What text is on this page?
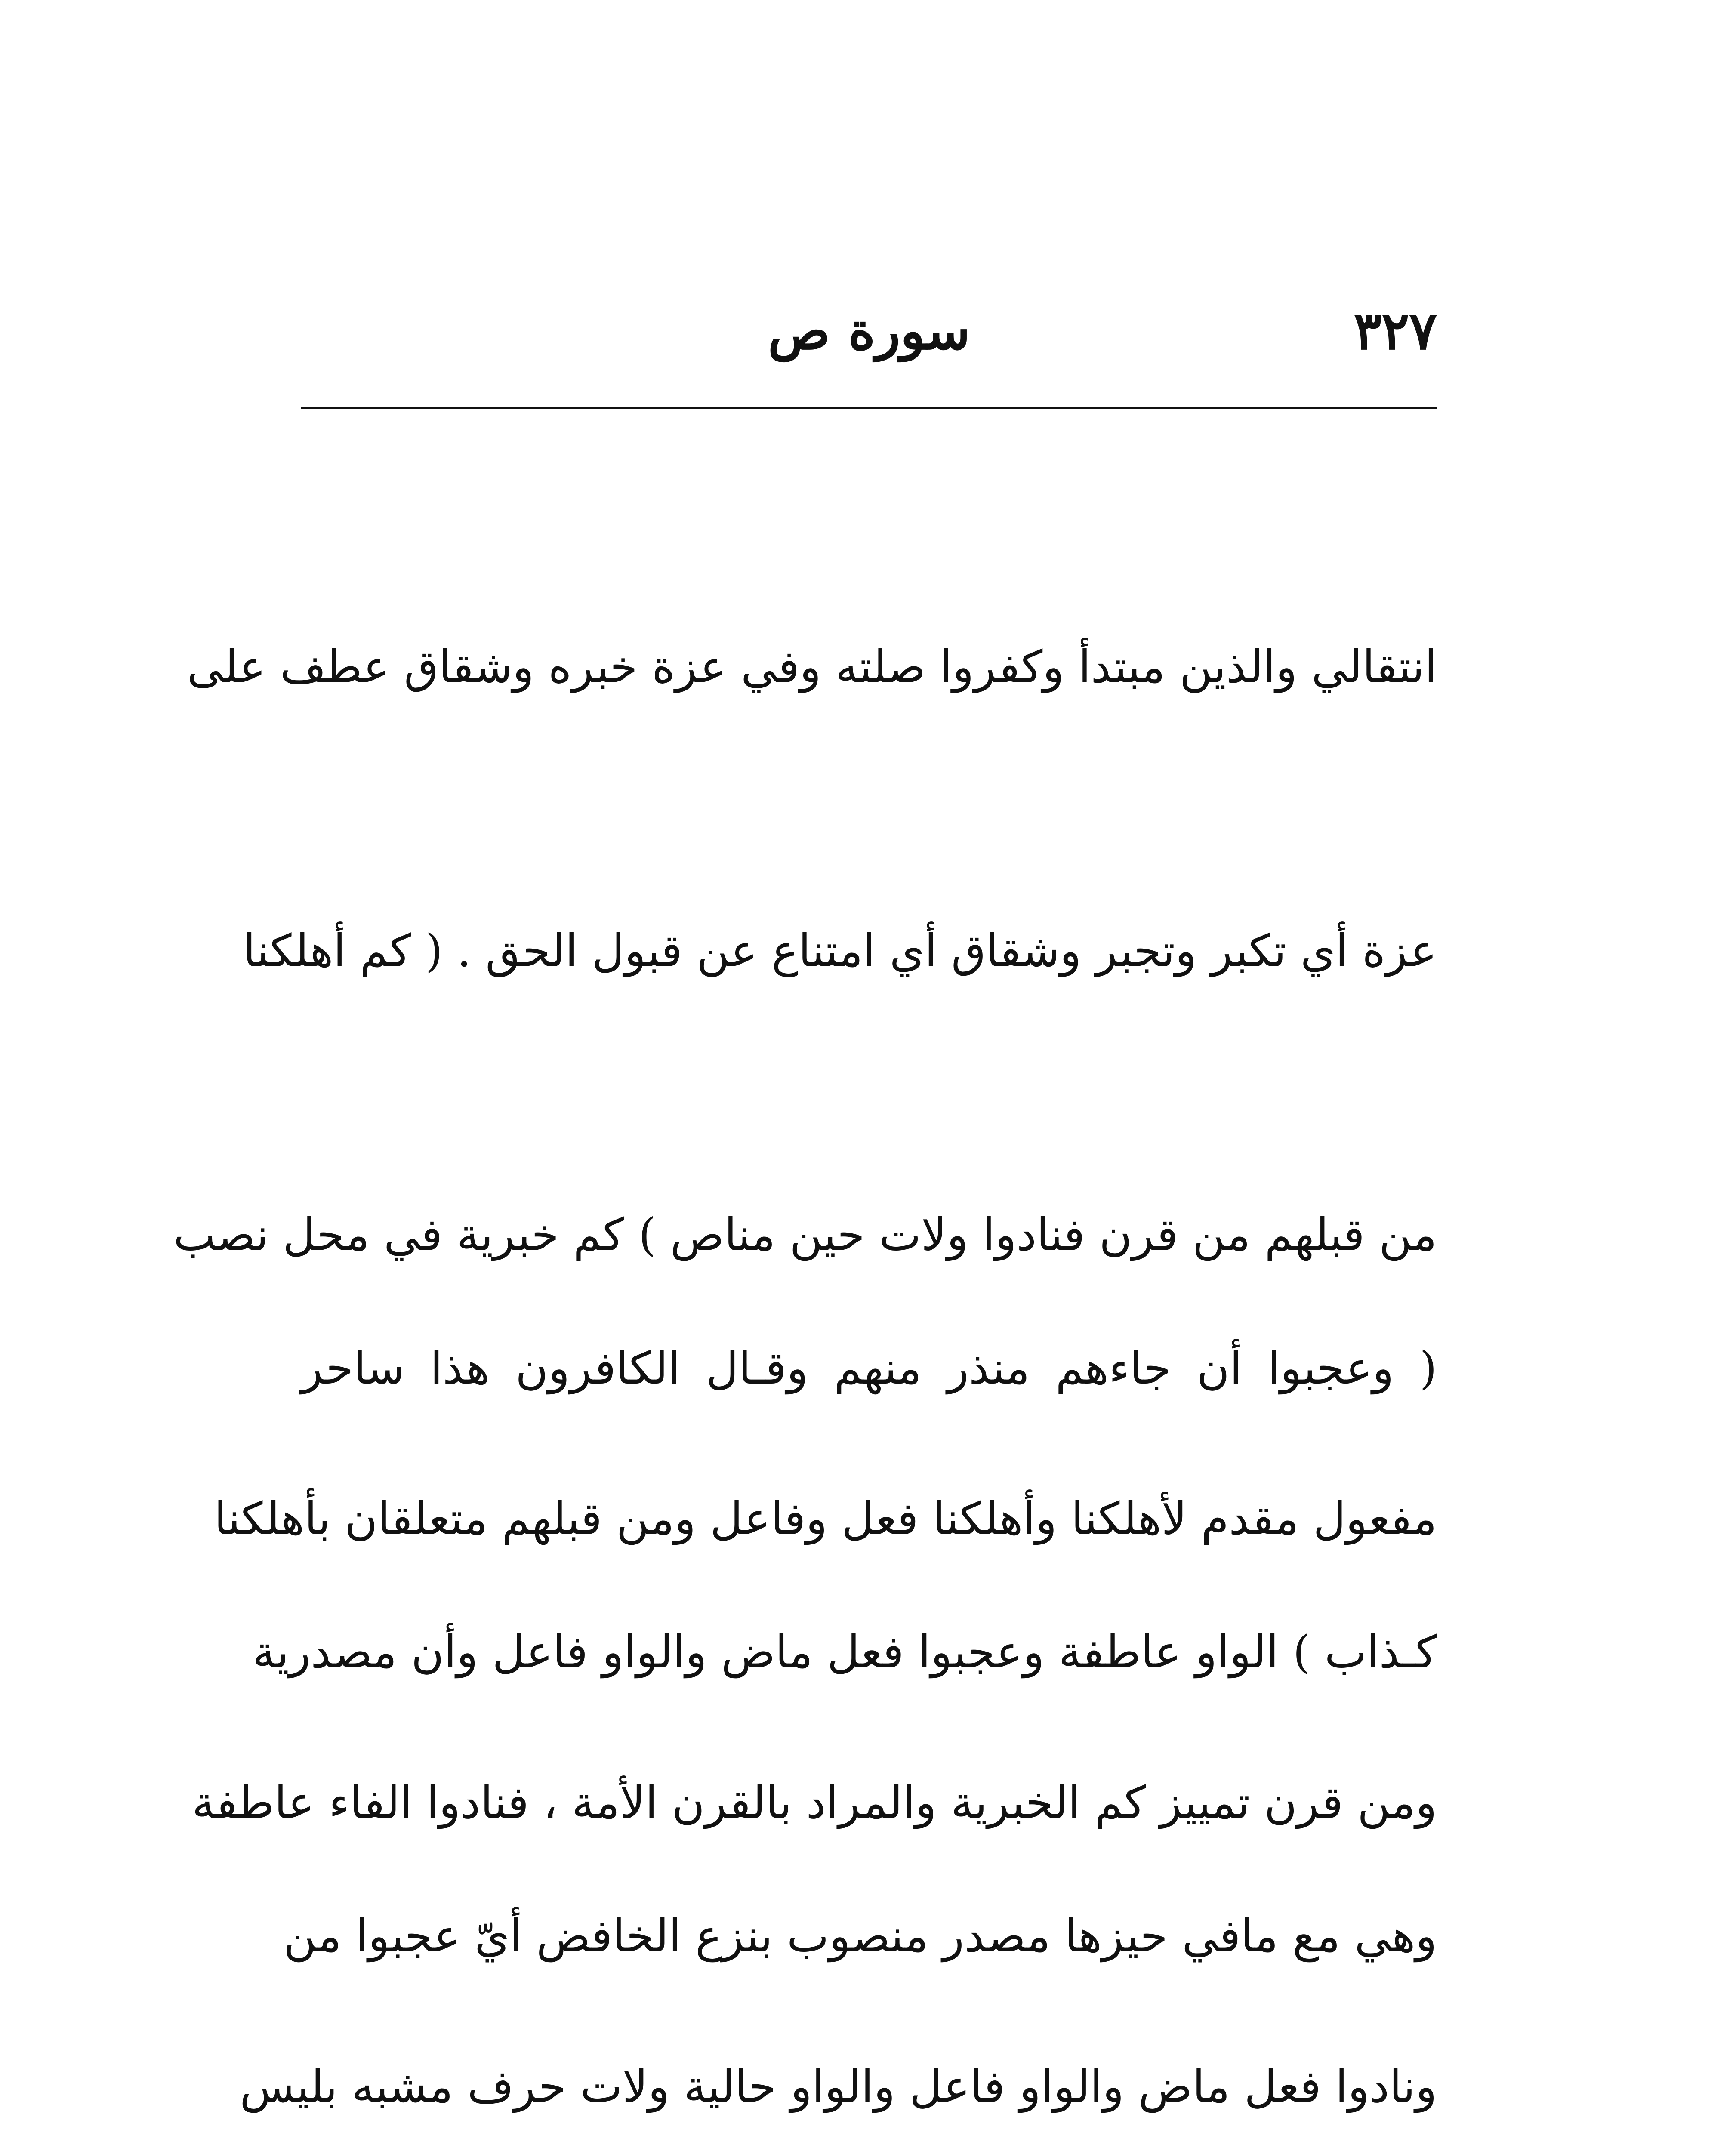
٣٢٧
سورة ص

انتقالي والذين مبتدأ وكفروا صلته وفي عزة خبره وشقاق عطف على

عزة أي تكبر وتجبر وشقاق أي امتناع عن قبول الحق . ( كم أهلكنا

من قبلهم من قرن فنادوا ولات حين مناص ) كم خبرية في محل نصب

مفعول مقدم لأهلكنا وأهلكنا فعل وفاعل ومن قبلهم متعلقان بأهلكنا

ومن قرن تمييز كم الخبرية والمراد بالقرن الأمة ، فنادوا الفاء عاطفة

ونادوا فعل ماض والواو فاعل والواو حالية ولات حرف مشبه بليس

( وعجبوا أن جاءهم منذر منهم وقـال الكافرون هذا ساحر

كـذاب ) الواو عاطفة وعجبوا فعل ماض والواو فاعل وأن مصدرية

وهي مع مافي حيزها مصدر منصوب بنزع الخافض أيّ عجبوا من
